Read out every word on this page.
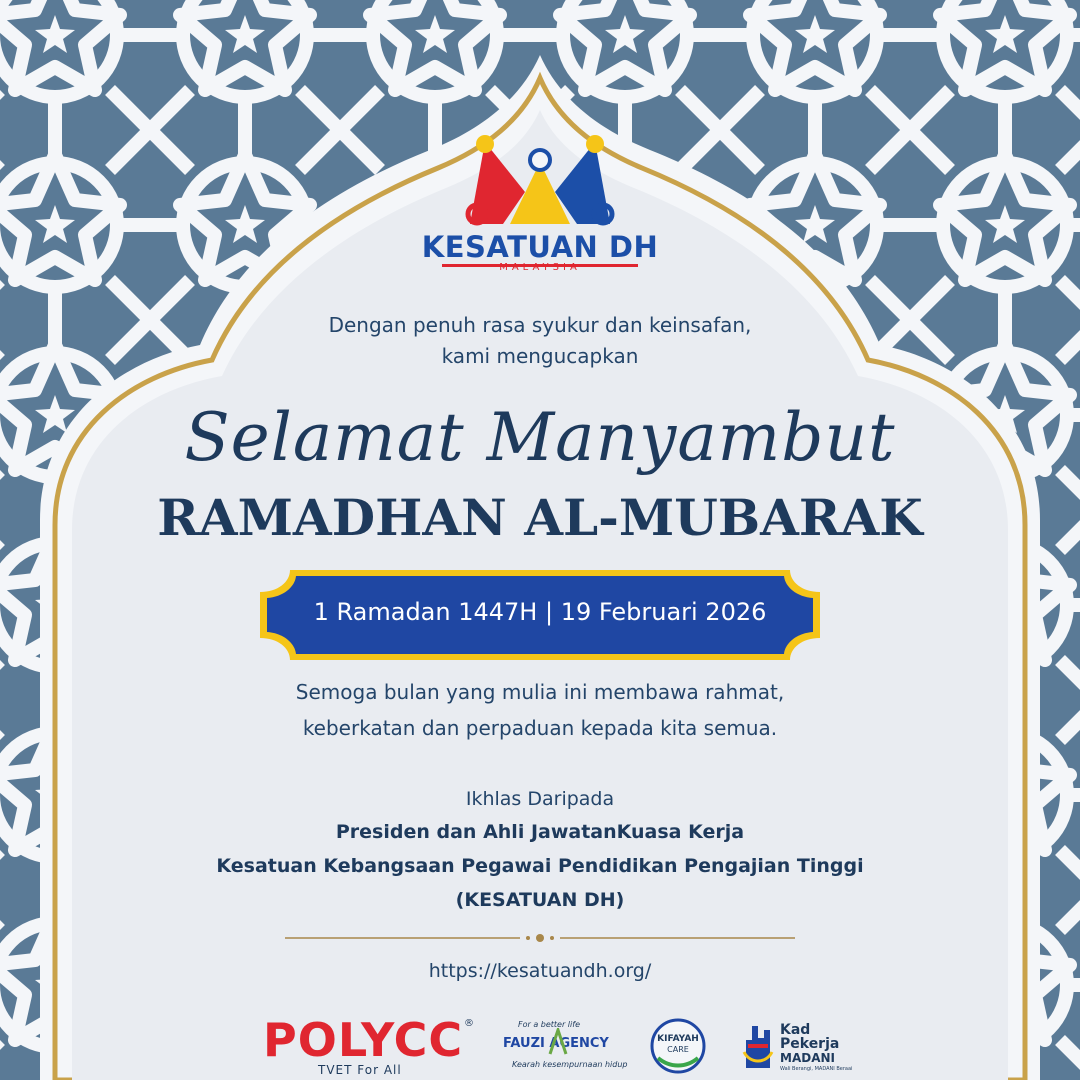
KESATUAN DH
MALAYSIA
Dengan penuh rasa syukur dan keinsafan,
kami mengucapkan
Selamat Manyambut
RAMADHAN AL-MUBARAK
1 Ramadan 1447H | 19 Februari 2026
Semoga bulan yang mulia ini membawa rahmat,
keberkatan dan perpaduan kepada kita semua.
Ikhlas Daripada
Presiden dan Ahli JawatanKuasa Kerja
Kesatuan Kebangsaan Pegawai Pendidikan Pengajian Tinggi
(KESATUAN DH)
https://kesatuandh.org/
POLYCC ®
TVET For All
For a better life
FAUZI AGENCY
Kearah kesempurnaan hidup
KIFAYAH
CARE
Kad
Pekerja
MADANI
Wali Berangi, MADANI Beraai
